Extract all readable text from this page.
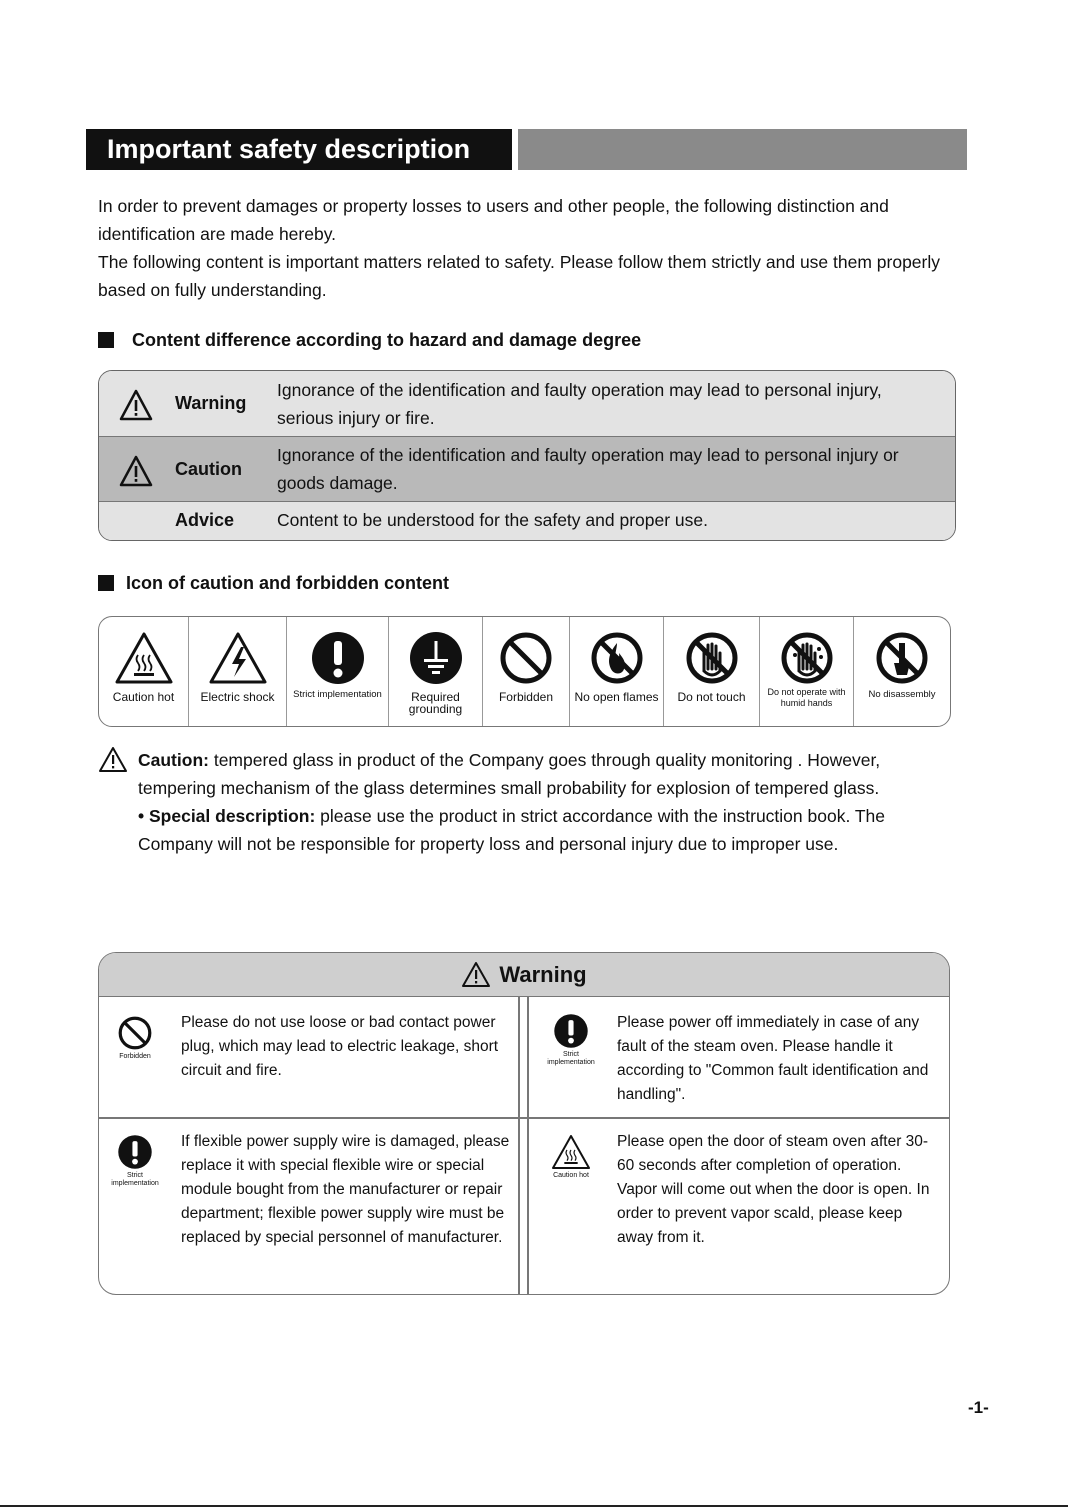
Important safety description
In order to prevent damages or property losses to users and other people, the following distinction and identification are made hereby.
The following content is important matters related to safety. Please follow them strictly and use them properly based on fully understanding.
Content difference according to hazard and damage degree
Warning
Ignorance of the identification and faulty operation may lead to personal injury, serious injury or fire.
Caution
Ignorance of the identification and faulty operation may lead to personal injury or goods damage.
Advice Content to be understood for the safety and proper use.
Icon of caution and forbidden content
Caution hot Electric shock Strict implementation	Required grounding
Forbidden No open flames Do not touch	Do not operate with humid hands
No disassembly
Caution: tempered glass in product of the Company goes through quality monitoring . However, tempering mechanism of the glass determines small probability for explosion of tempered glass.
• Special description: please use the product in strict accordance with the instruction book. The Company will not be responsible for property loss and personal injury due to improper use.
Warning
Forbidden
Please do not use loose or bad contact power plug, which may lead to electric leakage, short circuit and fire.
Strict implementation
Please power off immediately in case of any fault of the steam oven. Please handle it according to "Common fault identification and handling".
Strict implementation
If flexible power supply wire is damaged, please replace it with special flexible wire or special module bought from the manufacturer or repair department; flexible power supply wire must be replaced by special personnel of manufacturer.
Caution hot
Please open the door of steam oven after 30-60 seconds after completion of operation. Vapor will come out when the door is open. In order to prevent vapor scald, please keep away from it.
-1-
